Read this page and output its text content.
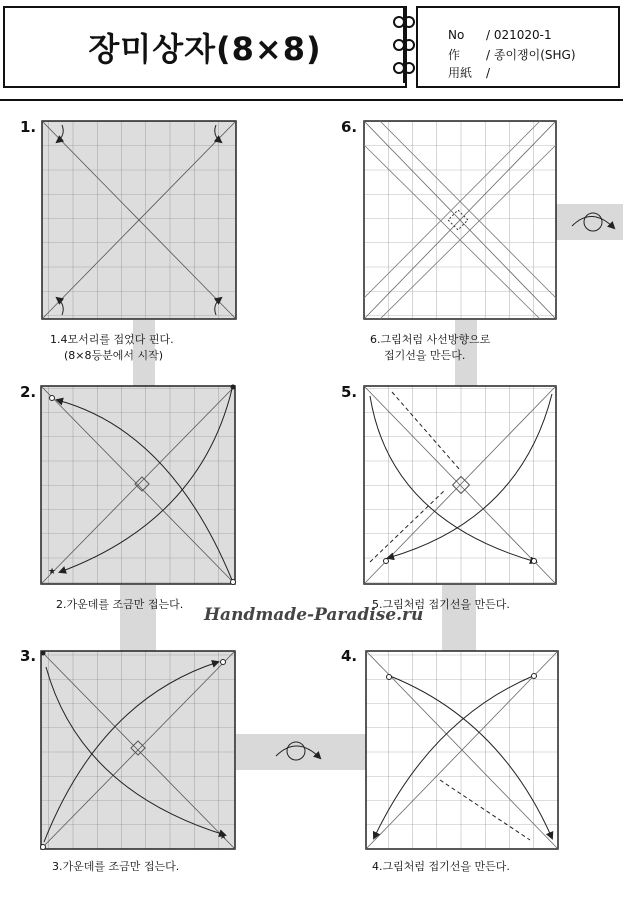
장미상자(8×8)	No / 021020-1
作 / 종이쟁이(SHG)
用紙 /
★
★
1.
2.
3.	4.
5.
6.
1.4모서리를 접었다 핀다.
(8×8등분에서 시작)
2.가운데를 조금만 접는다.
3.가운데를 조금만 접는다.	4.그림처럼 접기선을 만든다.
5.그림처럼 접기선을 만든다.
6.그림처럼 사선방향으로
접기선을 만든다.
Handmade-Paradise.ru
